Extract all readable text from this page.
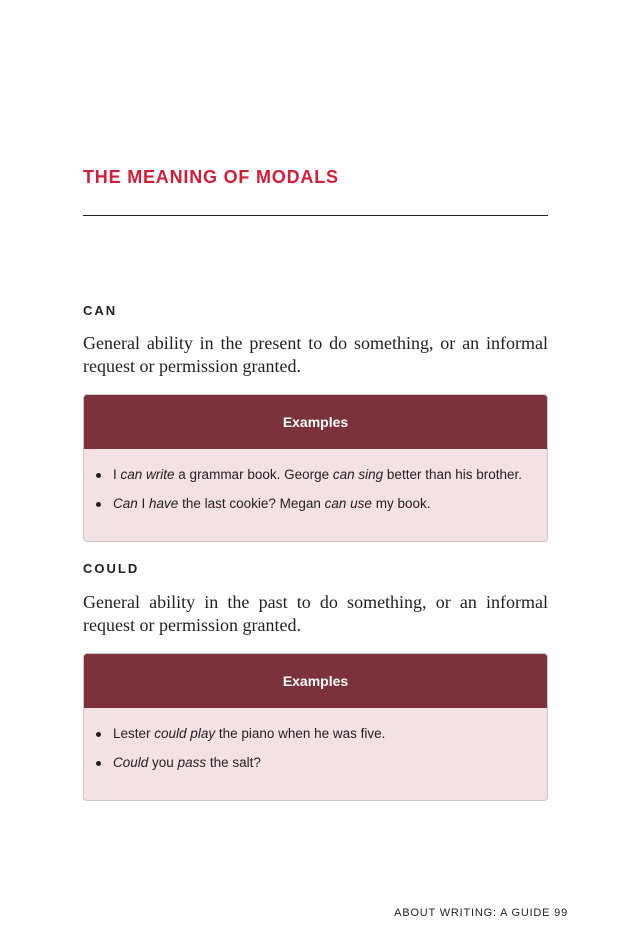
THE MEANING OF MODALS
CAN

General ability in the present to do something, or an informal request or permission granted.

Examples
I can write a grammar book. George can sing better than his brother.
Can I have the last cookie? Megan can use my book.
COULD

General ability in the past to do something, or an informal request or permission granted.

Examples
Lester could play the piano when he was five.
Could you pass the salt?

ABOUT WRITING: A GUIDE 99
